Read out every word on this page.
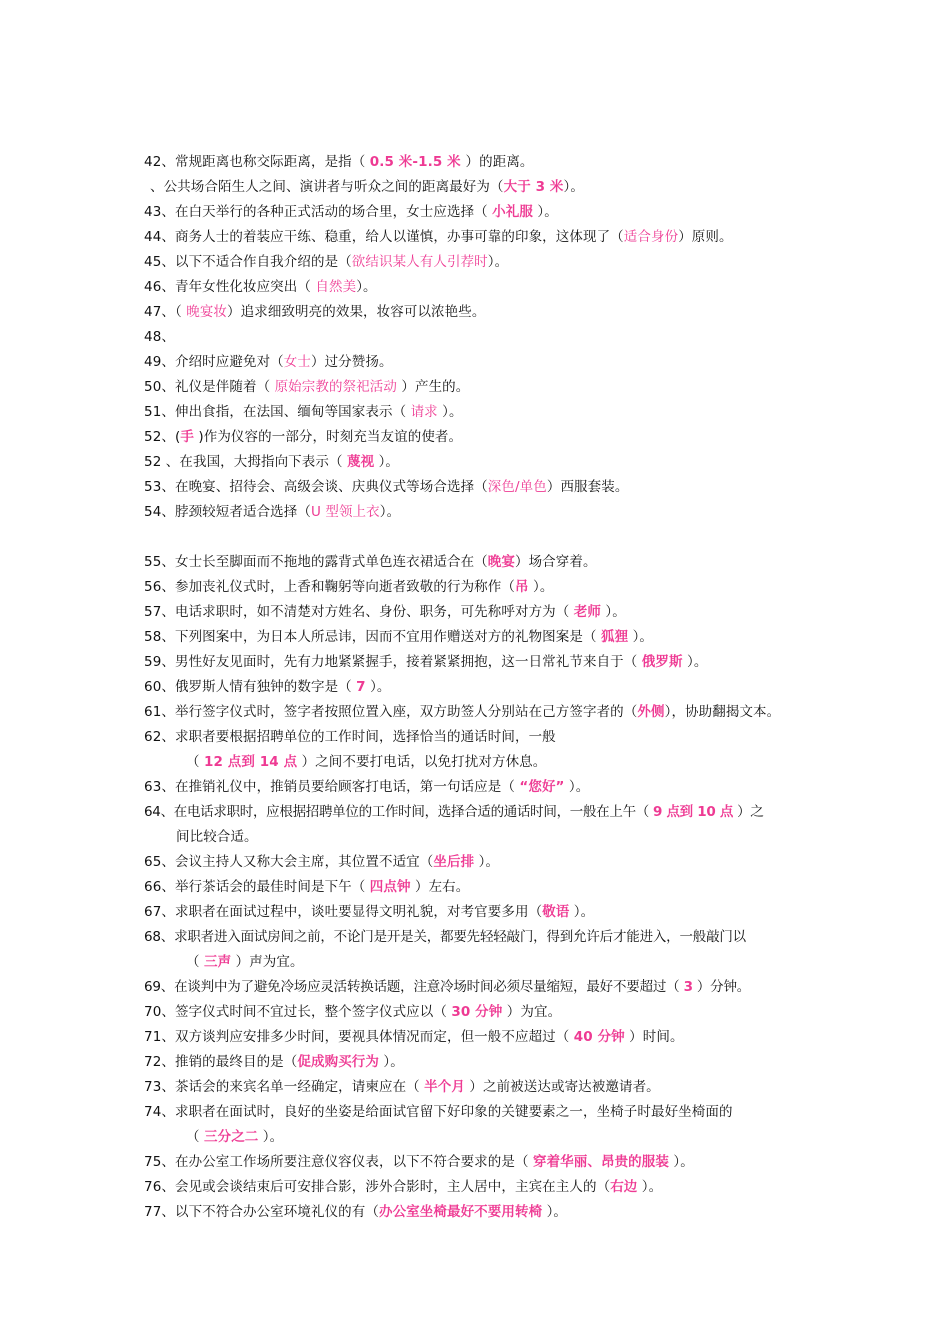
42、常规距离也称交际距离，是指（ 0.5 米-1.5 米 ）的距离。
、公共场合陌生人之间、演讲者与听众之间的距离最好为（大于 3 米）。
43、在白天举行的各种正式活动的场合里，女士应选择（ 小礼服 ）。
44、商务人士的着装应干练、稳重，给人以谨慎，办事可靠的印象，这体现了（适合身份）原则。
45、以下不适合作自我介绍的是（欲结识某人有人引荐时）。
46、青年女性化妆应突出（ 自然美）。
47、（ 晚宴妆）追求细致明亮的效果，妆容可以浓艳些。
48、
49、介绍时应避免对（女士）过分赞扬。
50、礼仪是伴随着（ 原始宗教的祭祀活动 ）产生的。
51、伸出食指，在法国、缅甸等国家表示（ 请求 ）。
52、(手 )作为仪容的一部分，时刻充当友谊的使者。
52 、在我国，大拇指向下表示（ 蔑视 ）。
53、在晚宴、招待会、高级会谈、庆典仪式等场合选择（深色/单色）西服套装。
54、脖颈较短者适合选择（U 型领上衣）。
55、女士长至脚面而不拖地的露背式单色连衣裙适合在（晚宴）场合穿着。
56、参加丧礼仪式时，上香和鞠躬等向逝者致敬的行为称作（吊 ）。
57、电话求职时，如不清楚对方姓名、身份、职务，可先称呼对方为（ 老师 ）。
58、下列图案中，为日本人所忌讳，因而不宜用作赠送对方的礼物图案是（ 狐狸 ）。
59、男性好友见面时，先有力地紧紧握手，接着紧紧拥抱，这一日常礼节来自于（ 俄罗斯 ）。
60、俄罗斯人情有独钟的数字是（ 7 ）。
61、举行签字仪式时，签字者按照位置入座，双方助签人分别站在己方签字者的（外侧），协助翻揭文本。
62、求职者要根据招聘单位的工作时间，选择恰当的通话时间，一般
（ 12 点到 14 点 ）之间不要打电话，以免打扰对方休息。
63、在推销礼仪中，推销员要给顾客打电话，第一句话应是（ “您好” ）。
64、在电话求职时，应根据招聘单位的工作时间，选择合适的通话时间，一般在上午（ 9 点到 10 点 ）之
间比较合适。
65、会议主持人又称大会主席，其位置不适宜（坐后排 ）。
66、举行茶话会的最佳时间是下午（ 四点钟 ）左右。
67、求职者在面试过程中，谈吐要显得文明礼貌，对考官要多用（敬语 ）。
68、求职者进入面试房间之前，不论门是开是关，都要先轻轻敲门，得到允许后才能进入，一般敲门以
（ 三声 ）声为宜。
69、在谈判中为了避免冷场应灵活转换话题，注意冷场时间必须尽量缩短，最好不要超过（ 3 ）分钟。
70、签字仪式时间不宜过长，整个签字仪式应以（ 30 分钟 ）为宜。
71、双方谈判应安排多少时间，要视具体情况而定，但一般不应超过（ 40 分钟 ）时间。
72、推销的最终目的是（促成购买行为 ）。
73、茶话会的来宾名单一经确定，请柬应在（ 半个月 ）之前被送达或寄达被邀请者。
74、求职者在面试时，良好的坐姿是给面试官留下好印象的关键要素之一，坐椅子时最好坐椅面的
（ 三分之二 ）。
75、在办公室工作场所要注意仪容仪表，以下不符合要求的是（ 穿着华丽、昂贵的服装 ）。
76、会见或会谈结束后可安排合影，涉外合影时，主人居中，主宾在主人的（右边 ）。
77、以下不符合办公室环境礼仪的有（办公室坐椅最好不要用转椅 ）。
